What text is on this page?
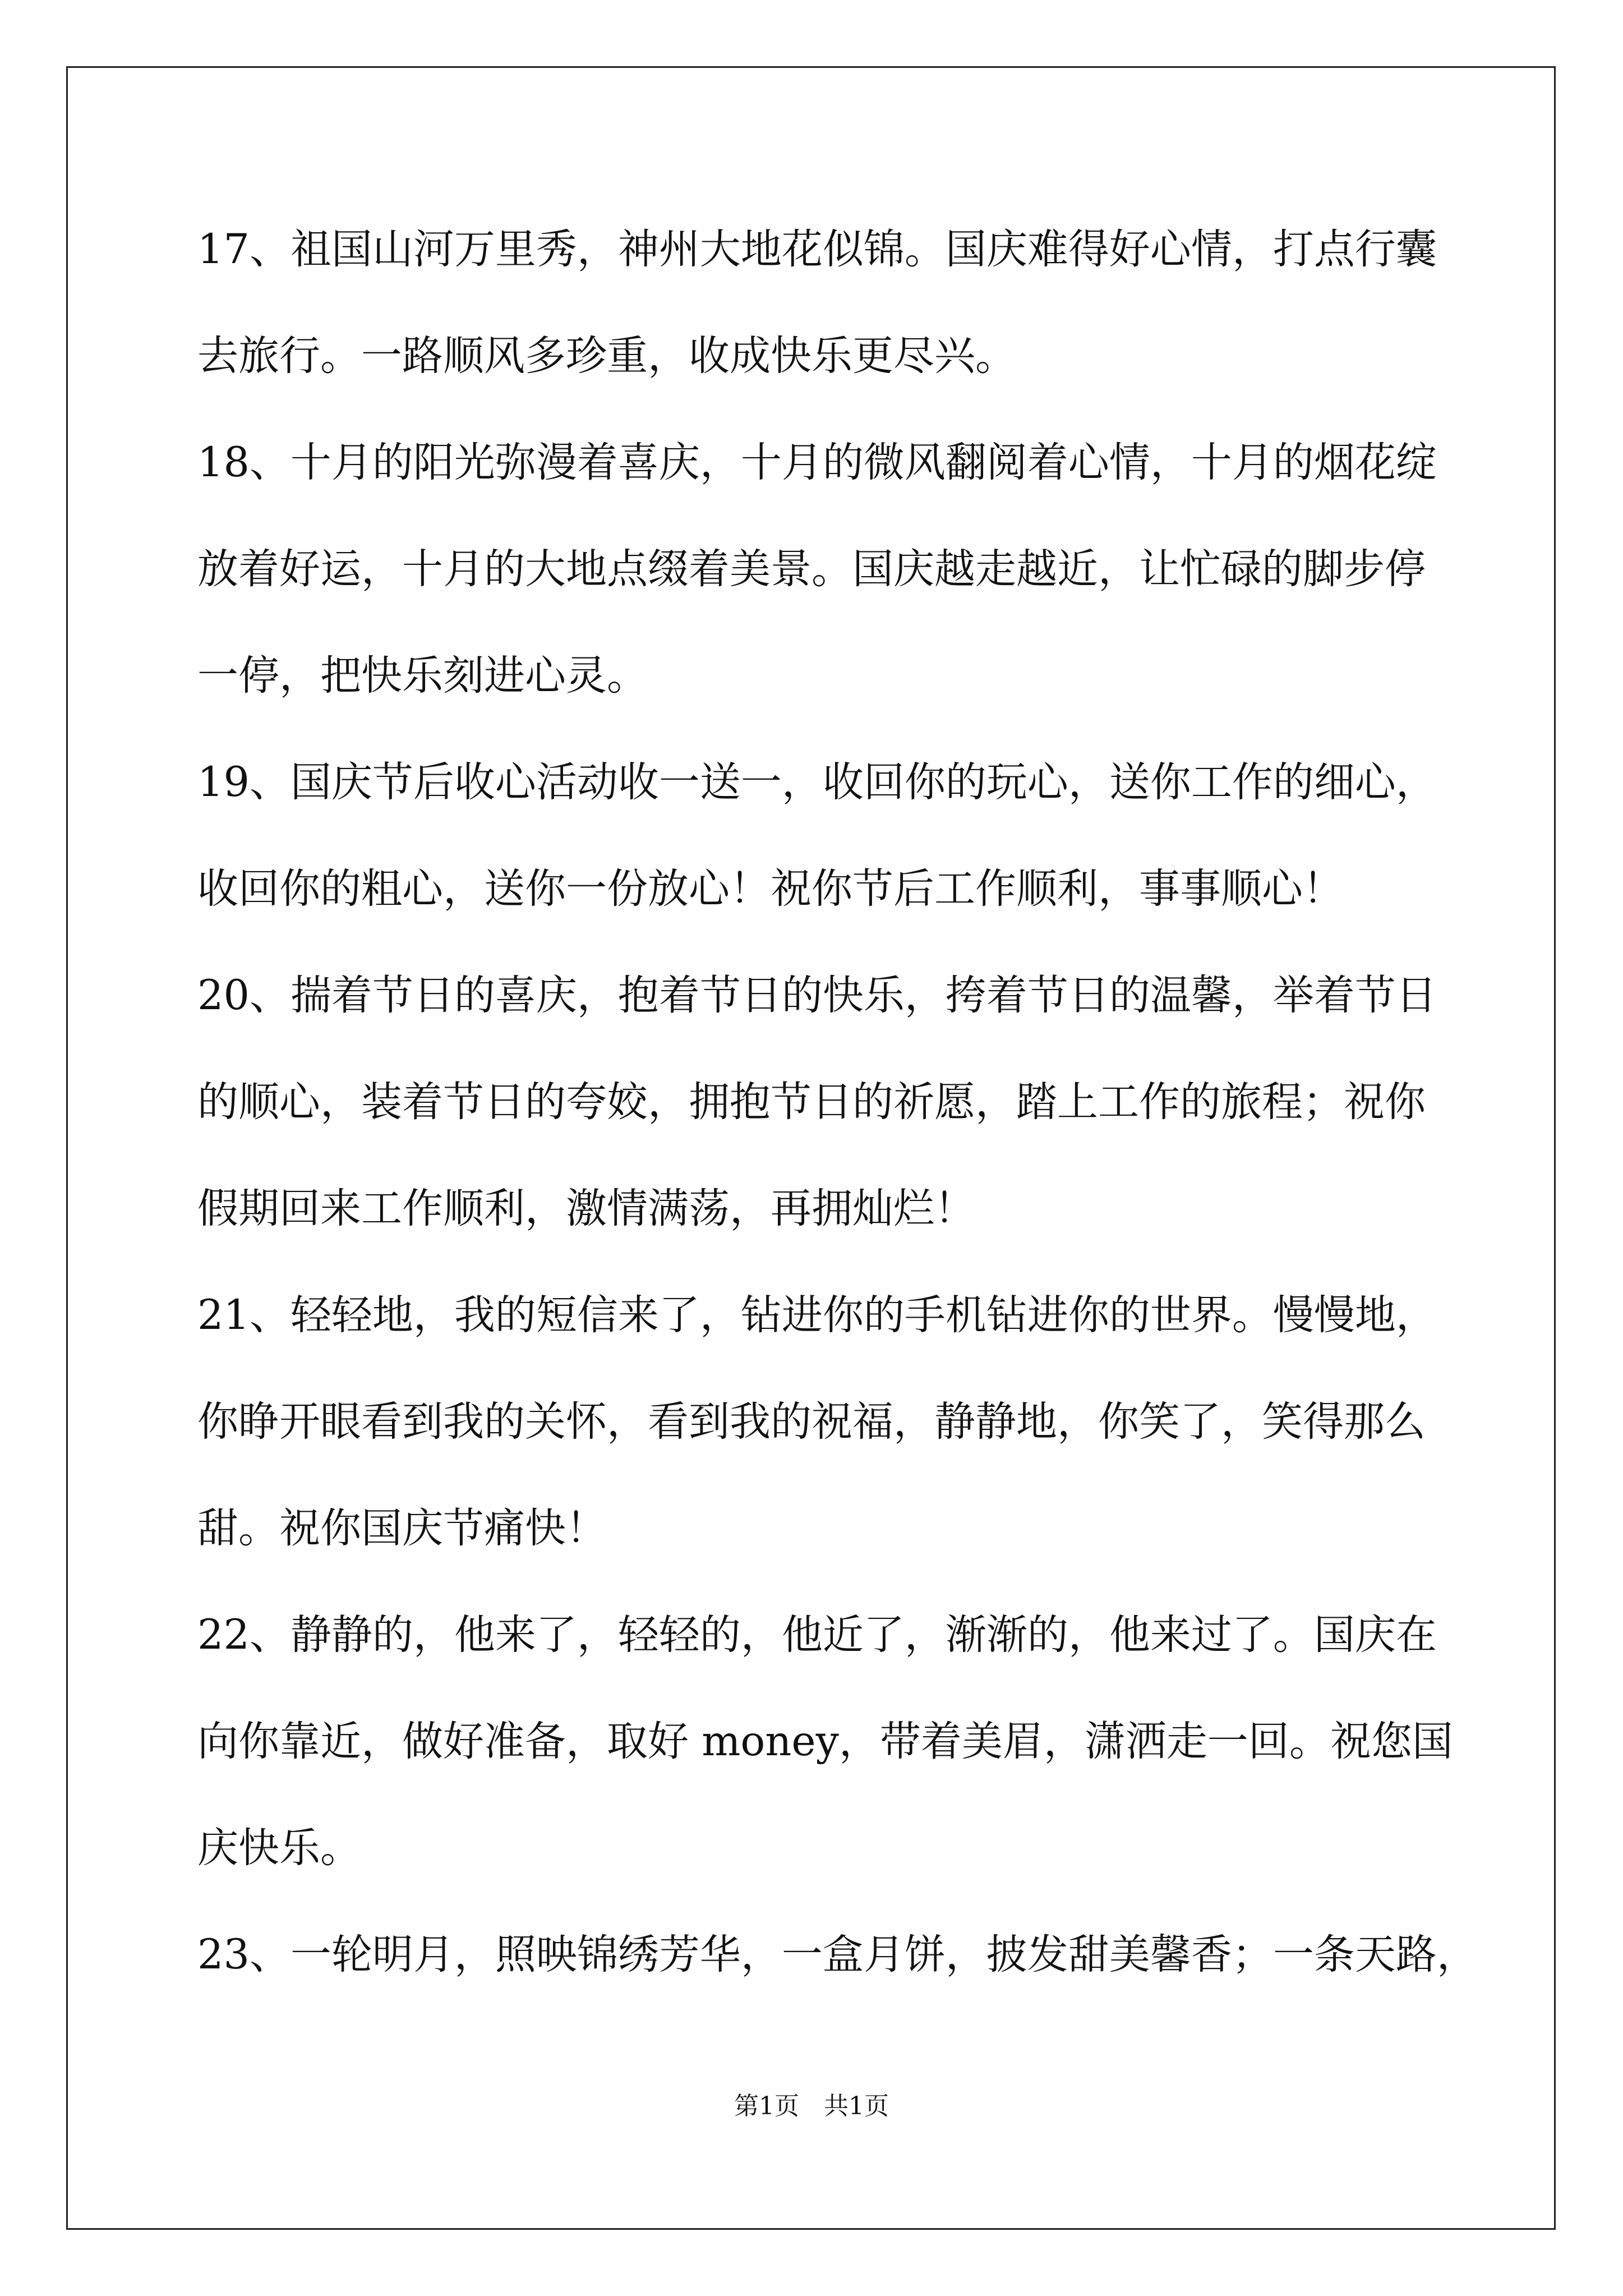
17、祖国山河万里秀，神州大地花似锦。国庆难得好心情，打点行囊
去旅行。一路顺风多珍重，收成快乐更尽兴。
18、十月的阳光弥漫着喜庆，十月的微风翻阅着心情，十月的烟花绽
放着好运，十月的大地点缀着美景。国庆越走越近，让忙碌的脚步停
一停，把快乐刻进心灵。
19、国庆节后收心活动收一送一，收回你的玩心，送你工作的细心，
收回你的粗心，送你一份放心！祝你节后工作顺利，事事顺心！
20、揣着节日的喜庆，抱着节日的快乐，挎着节日的温馨，举着节日
的顺心，装着节日的夸姣，拥抱节日的祈愿，踏上工作的旅程；祝你
假期回来工作顺利，激情满荡，再拥灿烂！
21、轻轻地，我的短信来了，钻进你的手机钻进你的世界。慢慢地，
你睁开眼看到我的关怀，看到我的祝福，静静地，你笑了，笑得那么
甜。祝你国庆节痛快！
22、静静的，他来了，轻轻的，他近了，渐渐的，他来过了。国庆在
向你靠近，做好准备，取好 money，带着美眉，潇洒走一回。祝您国
庆快乐。
23、一轮明月，照映锦绣芳华，一盒月饼，披发甜美馨香；一条天路，
第1页　共1页
